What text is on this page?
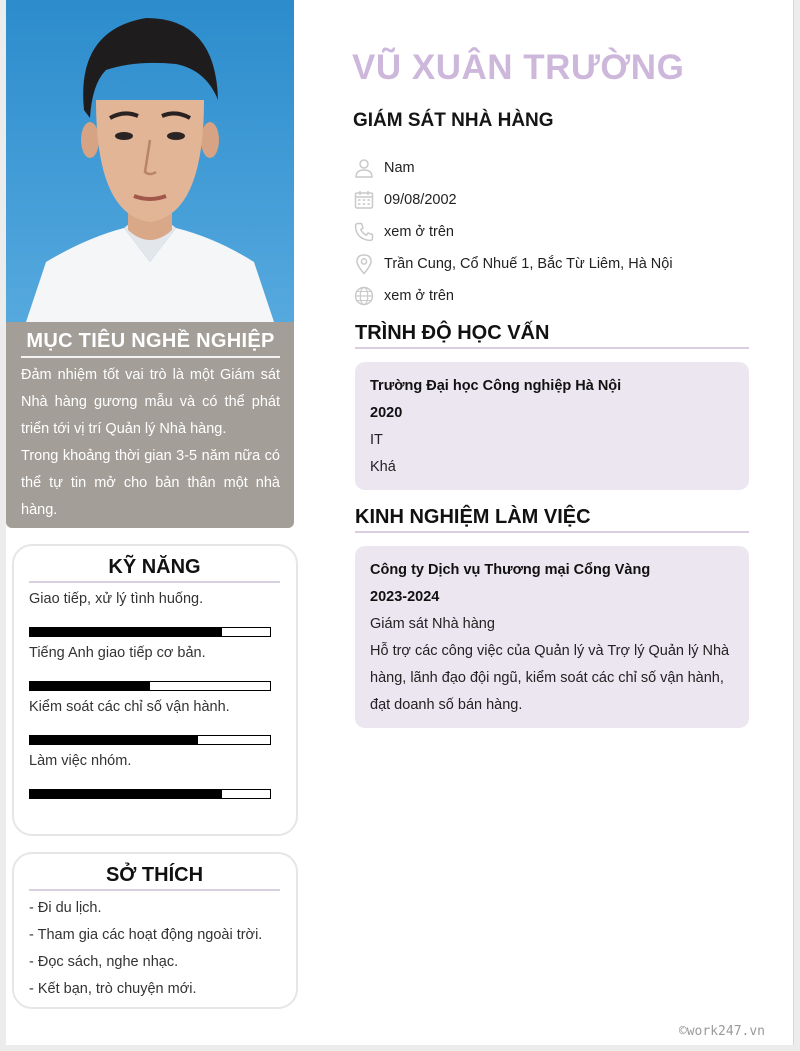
MỤC TIÊU NGHỀ NGHIỆP

Đảm nhiệm tốt vai trò là một Giám sát Nhà hàng gương mẫu và có thể phát triển tới vị trí Quản lý Nhà hàng.

Trong khoảng thời gian 3-5 năm nữa có thể tự tin mở cho bản thân một nhà hàng.

KỸ NĂNG
Giao tiếp, xử lý tình huống.
Tiếng Anh giao tiếp cơ bản.
Kiểm soát các chỉ số vận hành.
Làm việc nhóm.
SỞ THÍCH
- Đi du lịch.
- Tham gia các hoạt động ngoài trời.
- Đọc sách, nghe nhạc.
- Kết bạn, trò chuyện mới.
VŨ XUÂN TRƯỜNG
GIÁM SÁT NHÀ HÀNG
Nam
09/08/2002
xem ở trên
Trần Cung, Cổ Nhuế 1, Bắc Từ Liêm, Hà Nội
xem ở trên
TRÌNH ĐỘ HỌC VẤN
Trường Đại học Công nghiệp Hà Nội
2020
IT
Khá
KINH NGHIỆM LÀM VIỆC
Công ty Dịch vụ Thương mại Cổng Vàng
2023-2024
Giám sát Nhà hàng
Hỗ trợ các công việc của Quản lý và Trợ lý Quản lý Nhà hàng, lãnh đạo đội ngũ, kiểm soát các chỉ số vận hành, đạt doanh số bán hàng.
©work247.vn
